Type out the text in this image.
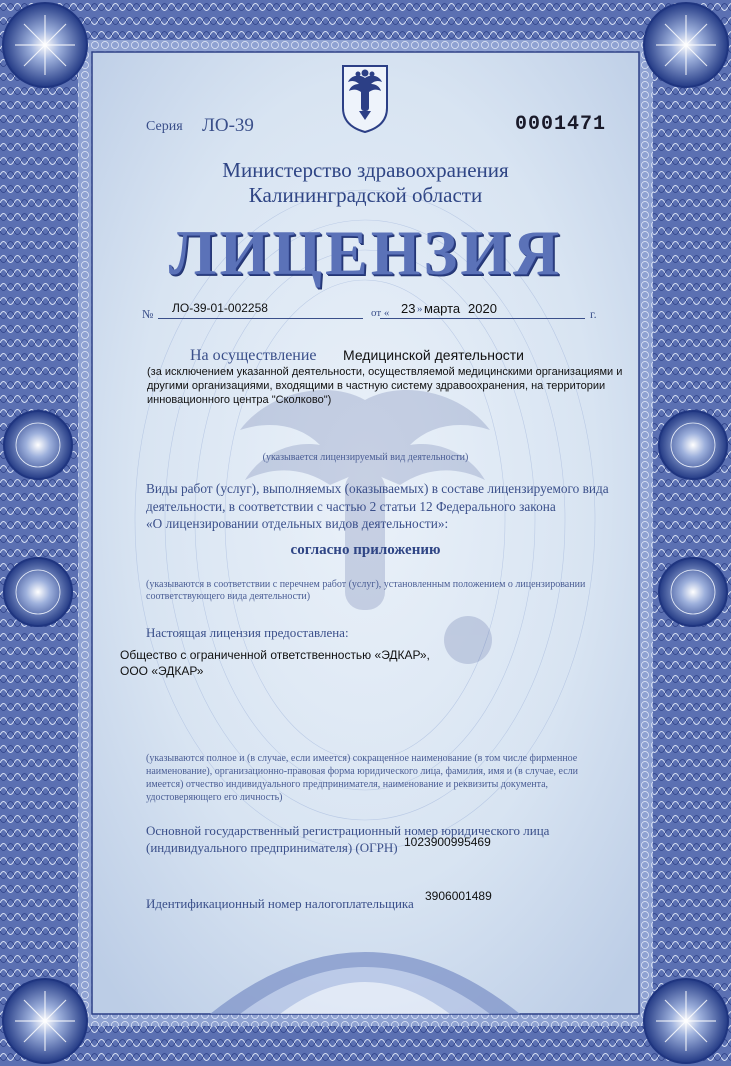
Серия ЛО-39	0001471
Министерство здравоохранения
Калининградской области
ЛИЦЕНЗИЯ
№ ЛО-39-01-002258	от « 23 » марта 2020	г.
На осуществление Медицинской деятельности
(за исключением указанной деятельности, осуществляемой медицинскими организациями и
другими организациями, входящими в частную систему здравоохранения, на территории
инновационного центра "Сколково")
(указывается лицензируемый вид деятельности)
Виды работ (услуг), выполняемых (оказываемых) в составе лицензируемого вида
деятельности, в соответствии с частью 2 статьи 12 Федерального закона
«О лицензировании отдельных видов деятельности»:
согласно приложению
(указываются в соответствии с перечнем работ (услуг), установленным положением о лицензировании
соответствующего вида деятельности)
Настоящая лицензия предоставлена:
Общество с ограниченной ответственностью «ЭДКАР»,
ООО «ЭДКАР»
(указываются полное и (в случае, если имеется) сокращенное наименование (в том числе фирменное
наименование), организационно-правовая форма юридического лица, фамилия, имя и (в случае, если
имеется) отчество индивидуального предпринимателя, наименование и реквизиты документа,
удостоверяющего его личность)
Основной государственный регистрационный номер юридического лица
(индивидуального предпринимателя) (ОГРН) 1023900995469
Идентификационный номер налогоплательщика 3906001489
